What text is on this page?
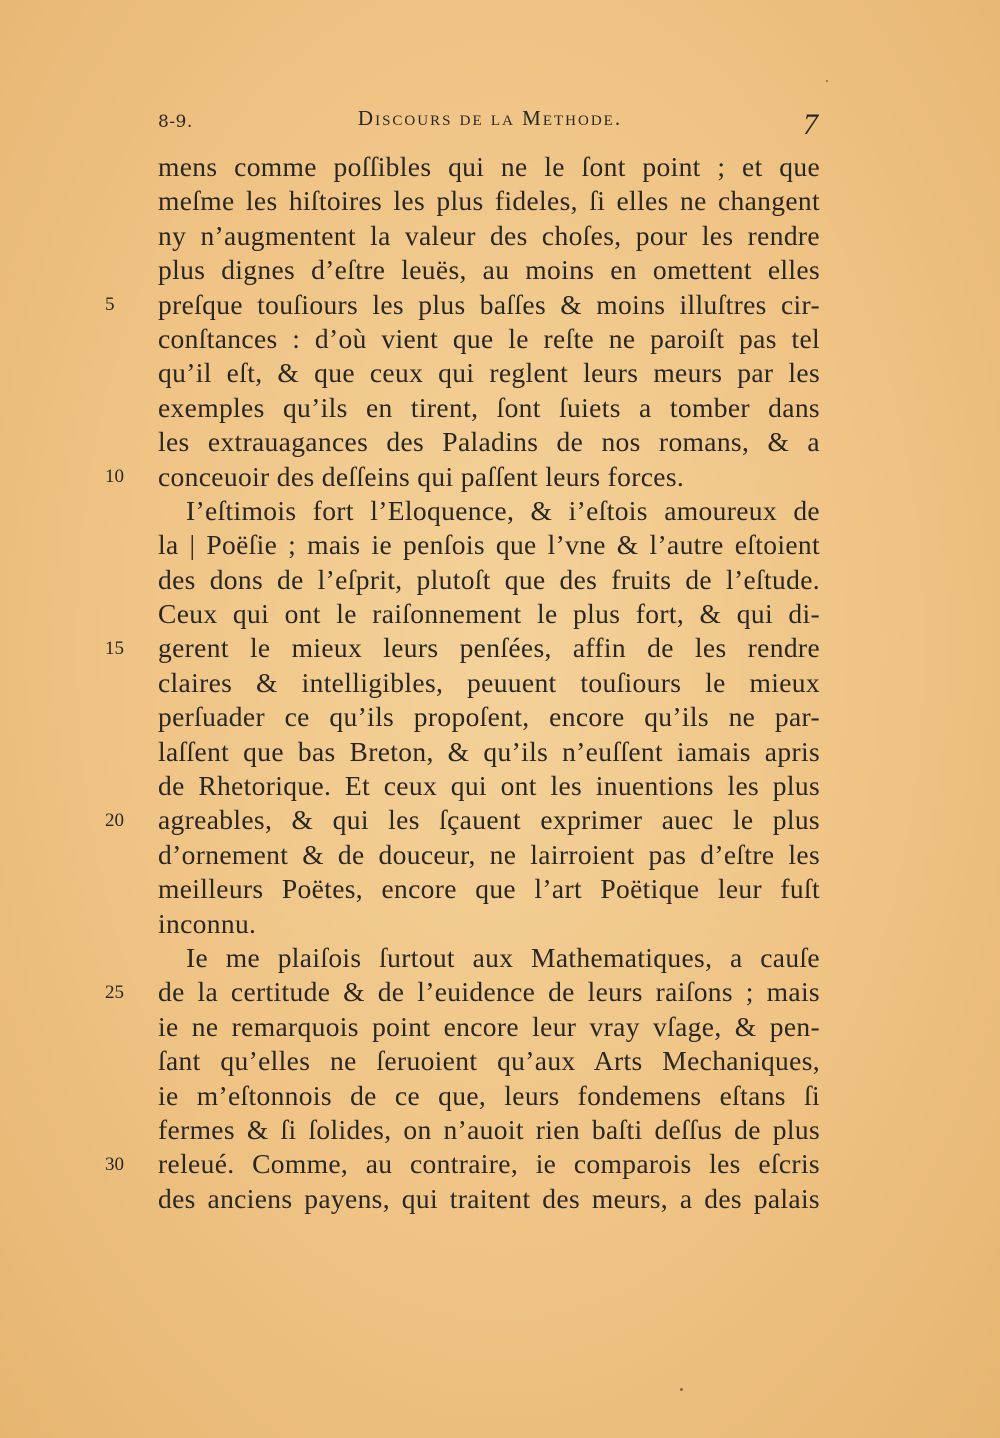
8-9.	Discours de la Methode.	7
5
10
15
20
25
30
mens comme poſſibles qui ne le ſont point ; et que
meſme les hiſtoires les plus fideles, ſi elles ne changent
ny n’augmentent la valeur des choſes, pour les rendre
plus dignes d’eſtre leuës, au moins en omettent elles
preſque touſiours les plus baſſes & moins illuſtres cir-
conſtances : d’où vient que le reſte ne paroiſt pas tel
qu’il eſt, & que ceux qui reglent leurs meurs par les
exemples qu’ils en tirent, ſont ſuiets a tomber dans
les extrauagances des Paladins de nos romans, & a
conceuoir des deſſeins qui paſſent leurs forces.
I’eſtimois fort l’Eloquence, & i’eſtois amoureux de
la | Poëſie ; mais ie penſois que l’vne & l’autre eſtoient
des dons de l’eſprit, plutoſt que des fruits de l’eſtude.
Ceux qui ont le raiſonnement le plus fort, & qui di-
gerent le mieux leurs penſées, affin de les rendre
claires & intelligibles, peuuent touſiours le mieux
perſuader ce qu’ils propoſent, encore qu’ils ne par-
laſſent que bas Breton, & qu’ils n’euſſent iamais apris
de Rhetorique. Et ceux qui ont les inuentions les plus
agreables, & qui les ſçauent exprimer auec le plus
d’ornement & de douceur, ne lairroient pas d’eſtre les
meilleurs Poëtes, encore que l’art Poëtique leur fuſt
inconnu.
Ie me plaiſois ſurtout aux Mathematiques, a cauſe
de la certitude & de l’euidence de leurs raiſons ; mais
ie ne remarquois point encore leur vray vſage, & pen-
ſant qu’elles ne ſeruoient qu’aux Arts Mechaniques,
ie m’eſtonnois de ce que, leurs fondemens eſtans ſi
fermes & ſi ſolides, on n’auoit rien baſti deſſus de plus
releué. Comme, au contraire, ie comparois les eſcris
des anciens payens, qui traitent des meurs, a des palais
